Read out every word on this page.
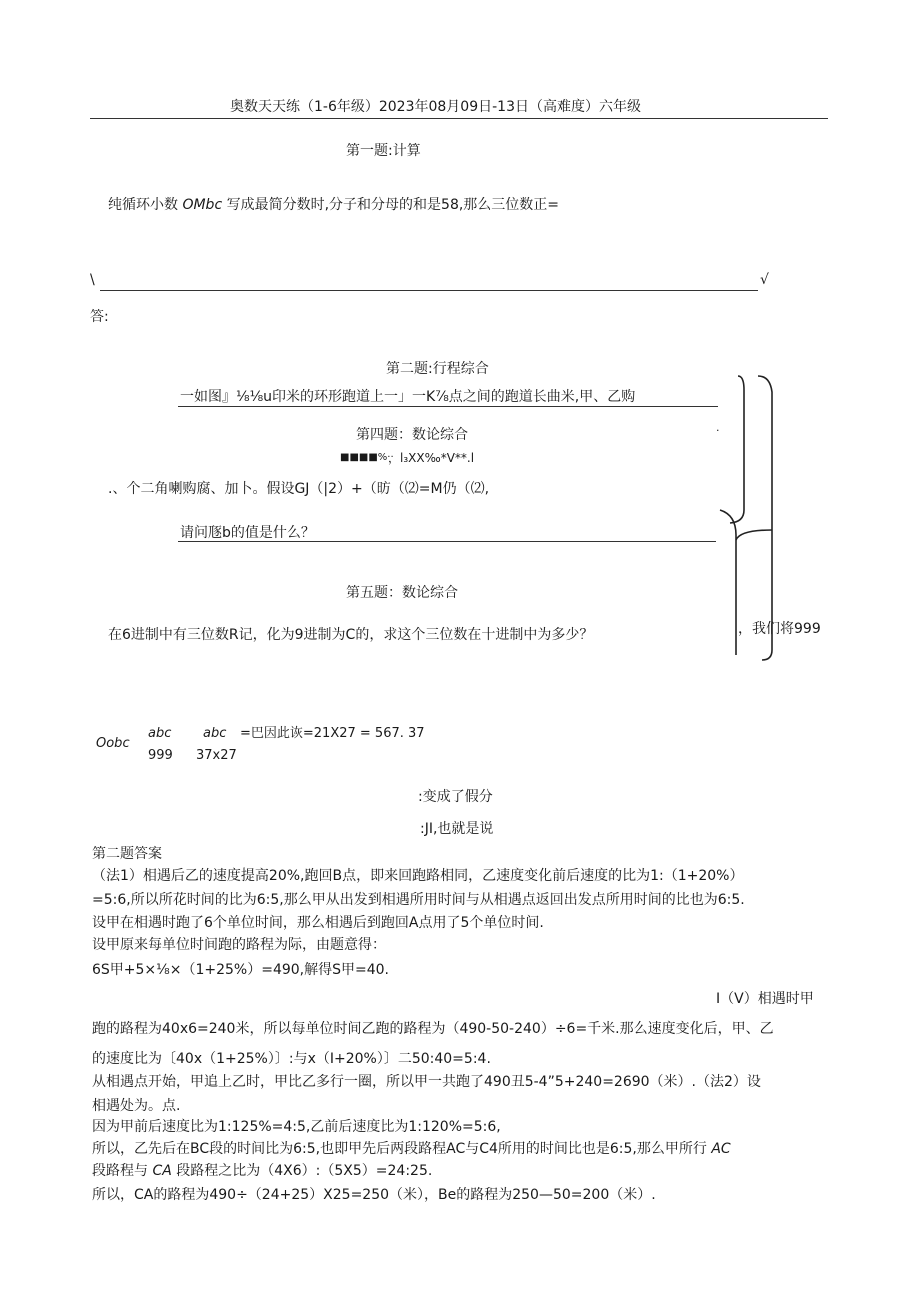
奥数天天练（1-6年级）2023年08月09日-13日（高难度）六年级
第一题:计算
纯循环小数 OMbc 写成最简分数时,分子和分母的和是58,那么三位数正=
\	√
答:
第二题:行程综合
一如图』⅛⅛u印米的环形跑道上一」一K⅞点之间的跑道长曲米,甲、乙购
第四题：数论综合	·
■■■■%··
，l₃XX‰*V**.l
.、个二角喇购腐、加卜。假设GJ（|2）+（昉（⑵=M仍（⑵,
请问豗b的值是什么？
第五题：数论综合
在6进制中有三位数R记，化为9进制为C的，求这个三位数在十进制中为多少？	，我们将999
Oobc
abc
999
abc
37x27
=巴因此诙=21X27 = 567. 37
:变成了假分
:JI,也就是说
第二题答案
（法1）相遇后乙的速度提高20%,跑回B点，即来回跑路相同，乙速度变化前后速度的比为1:（1+20%）
=5:6,所以所花时间的比为6:5,那么甲从出发到相遇所用时间与从相遇点返回出发点所用时间的比也为6:5.
设甲在相遇时跑了6个单位时间，那么相遇后到跑回A点用了5个单位时间.
设甲原来每单位时间跑的路程为际，由题意得：
6S甲+5×⅛×（1+25%）=490,解得S甲=40.
I（V）相遇时甲
跑的路程为40x6=240米，所以每单位时间乙跑的路程为（490-50-240）÷6=千米.那么速度变化后，甲、乙
的速度比为〔40x（1+25%）〕:与x（I+20%）〕二50:40=5:4.
从相遇点开始，甲追上乙时，甲比乙多行一圈，所以甲一共跑了490丑5-4”5+240=2690（米）.（法2）设
相遇处为。点.
因为甲前后速度比为1:125%=4:5,乙前后速度比为1:120%=5:6,
所以，乙先后在BC段的时间比为6:5,也即甲先后两段路程AC与C4所用的时间比也是6:5,那么甲所行 AC
段路程与 CA 段路程之比为（4X6）:（5X5）=24:25.
所以，CA的路程为490÷（24+25）X25=250（米），Be的路程为250—50=200（米）.
